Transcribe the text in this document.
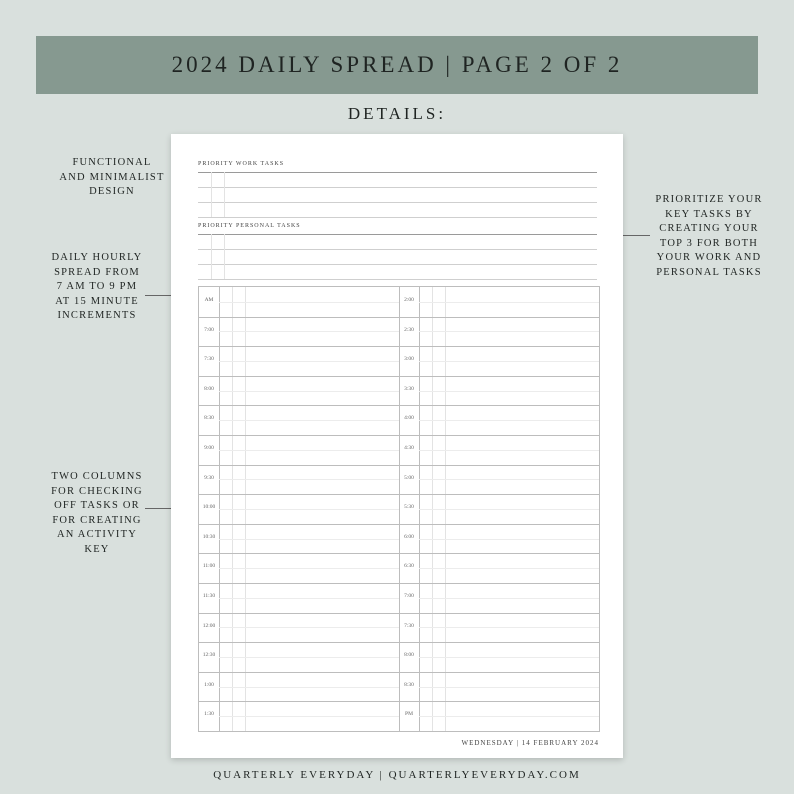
2024 DAILY SPREAD | PAGE 2 OF 2
DETAILS:
FUNCTIONAL
AND MINIMALIST
DESIGN
DAILY HOURLY
SPREAD FROM
7 AM TO 9 PM
AT 15 MINUTE
INCREMENTS
TWO COLUMNS
FOR CHECKING
OFF TASKS OR
FOR CREATING
AN ACTIVITY
KEY
PRIORITIZE YOUR
KEY TASKS BY
CREATING YOUR
TOP 3 FOR BOTH
YOUR WORK AND
PERSONAL TASKS
PRIORITY WORK TASKS
PRIORITY PERSONAL TASKS
AM
7:00
7:30
8:00
8:30
9:00
9:30
10:00
10:30
11:00
11:30
12:00
12:30
1:00
1:30
2:00
2:30
3:00
3:30
4:00
4:30
5:00
5:30
6:00
6:30
7:00
7:30
8:00
8:30
PM
WEDNESDAY | 14 FEBRUARY 2024
QUARTERLY EVERYDAY | QUARTERLYEVERYDAY.COM
